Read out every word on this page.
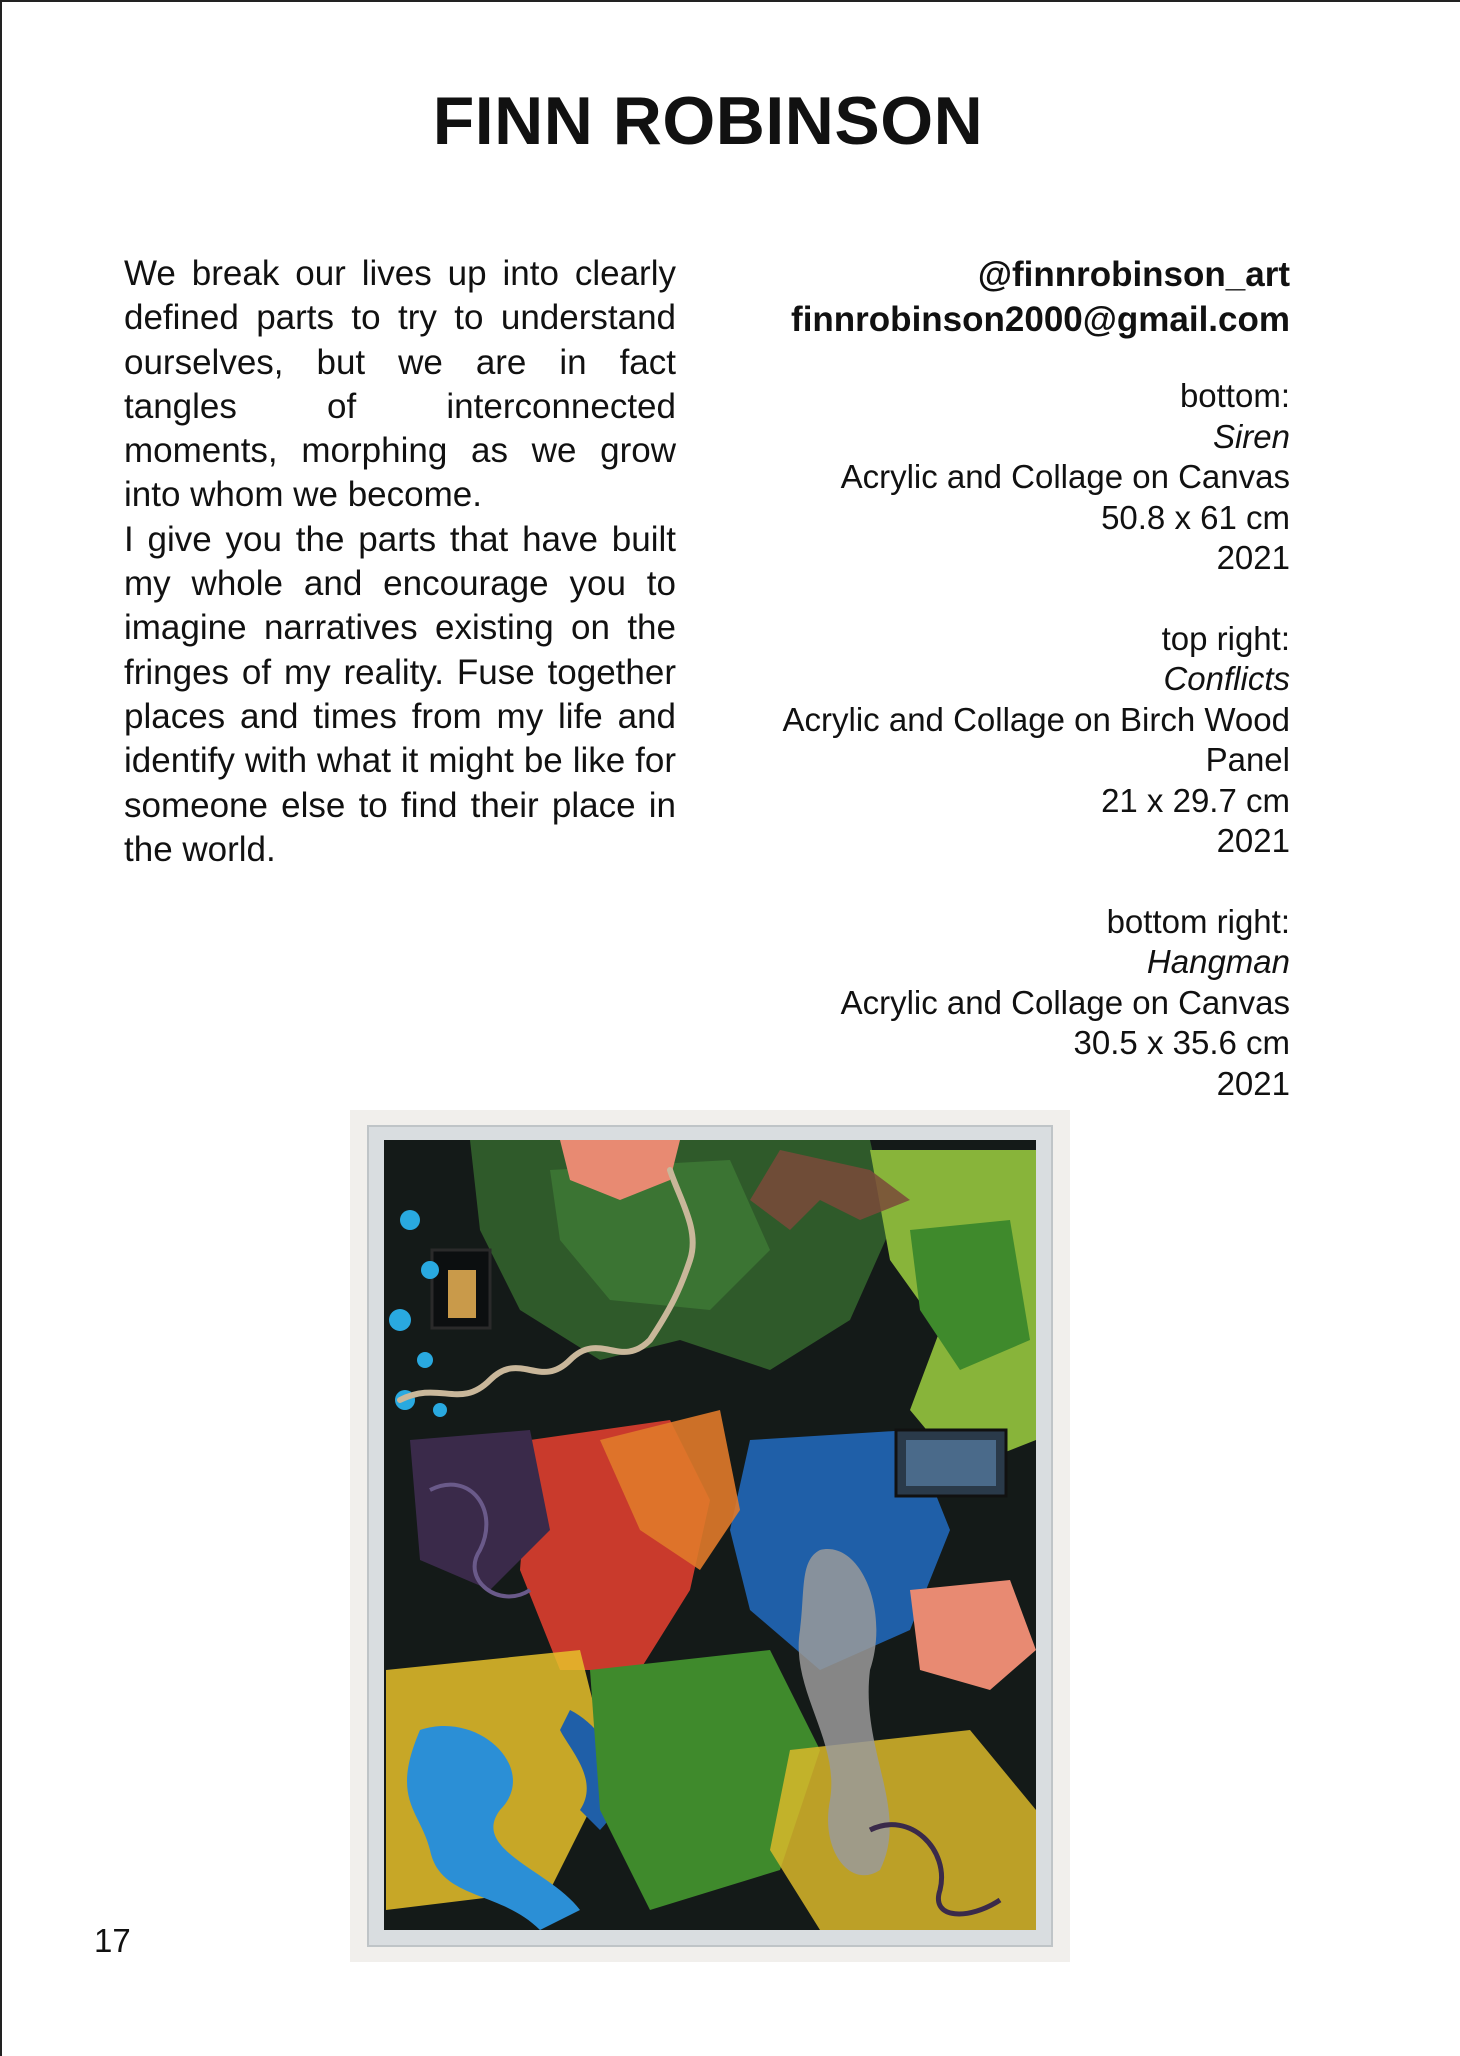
FINN ROBINSON

We break our lives up into clearly defined parts to try to understand ourselves, but we are in fact tangles of interconnected moments, morphing as we grow into whom we become.

I give you the parts that have built my whole and encourage you to imagine narratives existing on the fringes of my reality. Fuse together places and times from my life and identify with what it might be like for someone else to find their place in the world.

@finnrobinson_art
finnrobinson2000@gmail.com
bottom:
Siren
Acrylic and Collage on Canvas
50.8 x 61 cm
2021
top right:
Conflicts
Acrylic and Collage on Birch Wood Panel
21 x 29.7 cm
2021
bottom right:
Hangman
Acrylic and Collage on Canvas
30.5 x 35.6 cm
2021
17
